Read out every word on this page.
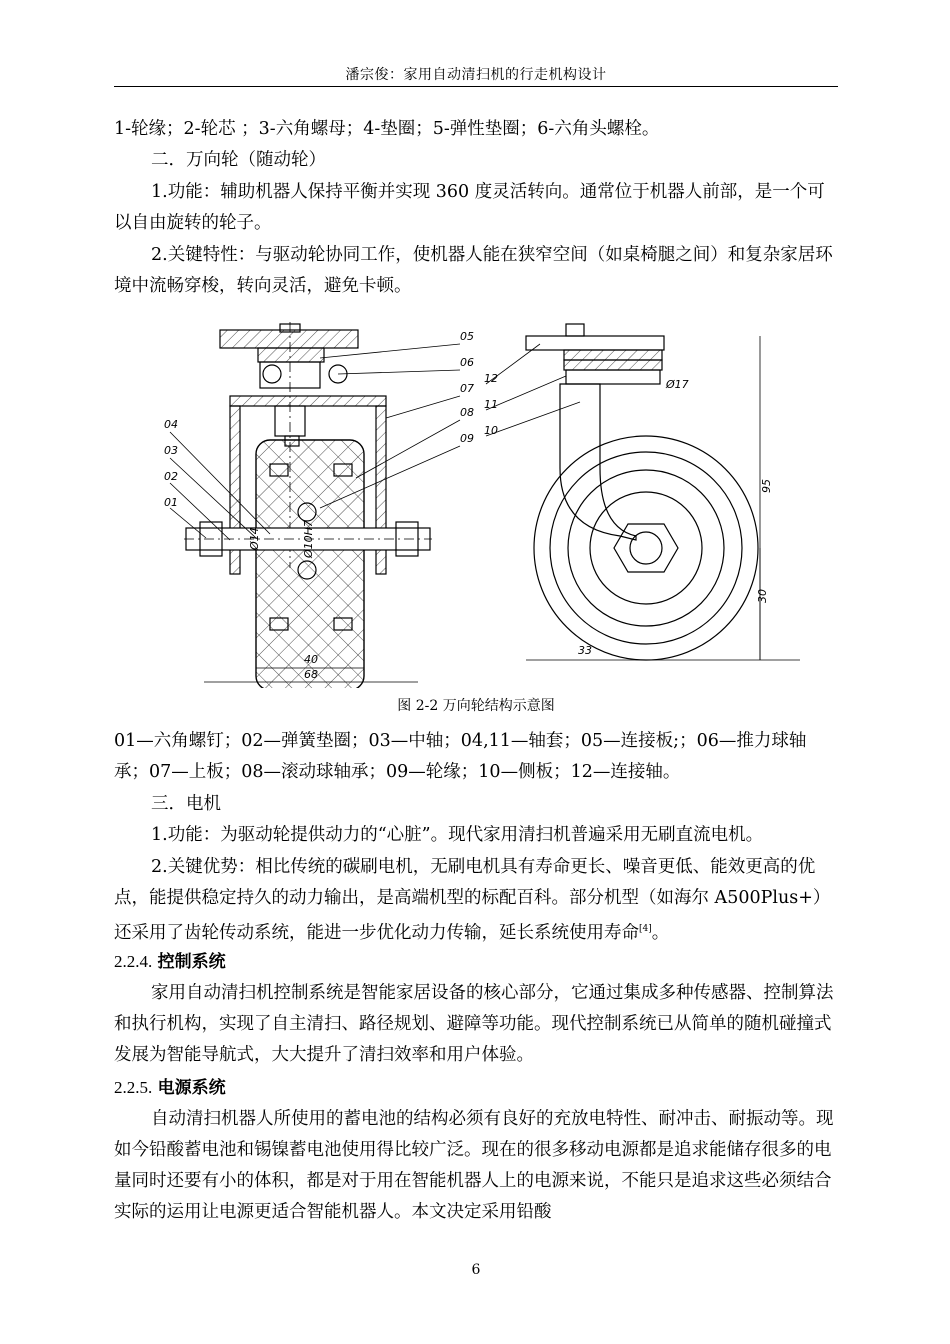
潘宗俊：家用自动清扫机的行走机构设计
1-轮缘；2-轮芯 ；3-六角螺母；4-垫圈；5-弹性垫圈；6-六角头螺栓。
二．万向轮（随动轮）
1.功能：辅助机器人保持平衡并实现 360 度灵活转向。通常位于机器人前部，是一个可以自由旋转的轮子。
2.关键特性：与驱动轮协同工作，使机器人能在狭窄空间（如桌椅腿之间）和复杂家居环境中流畅穿梭，转向灵活，避免卡顿。
04
03
02
01
05
06
07
08
09
40
68
Ø14	Ø10H7
12
11
10
33
30
95
Ø17
图 2-2 万向轮结构示意图
01—六角螺钉；02—弹簧垫圈；03—中轴；04,11—轴套；05—连接板;；06—推力球轴承；07—上板；08—滚动球轴承；09—轮缘；10—侧板；12—连接轴。
三．电机
1.功能：为驱动轮提供动力的“心脏”。现代家用清扫机普遍采用无刷直流电机。
2.关键优势：相比传统的碳刷电机，无刷电机具有寿命更长、噪音更低、能效更高的优点，能提供稳定持久的动力输出，是高端机型的标配百科。部分机型（如海尔 A500Plus+）还采用了齿轮传动系统，能进一步优化动力传输，延长系统使用寿命[4]。
2.2.4. 控制系统
家用自动清扫机控制系统是智能家居设备的核心部分，它通过集成多种传感器、控制算法和执行机构，实现了自主清扫、路径规划、避障等功能。现代控制系统已从简单的随机碰撞式发展为智能导航式，大大提升了清扫效率和用户体验。
2.2.5. 电源系统
自动清扫机器人所使用的蓄电池的结构必须有良好的充放电特性、耐冲击、耐振动等。现如今铅酸蓄电池和锡镍蓄电池使用得比较广泛。现在的很多移动电源都是追求能储存很多的电量同时还要有小的体积，都是对于用在智能机器人上的电源来说，不能只是追求这些必须结合实际的运用让电源更适合智能机器人。本文决定采用铅酸
6
